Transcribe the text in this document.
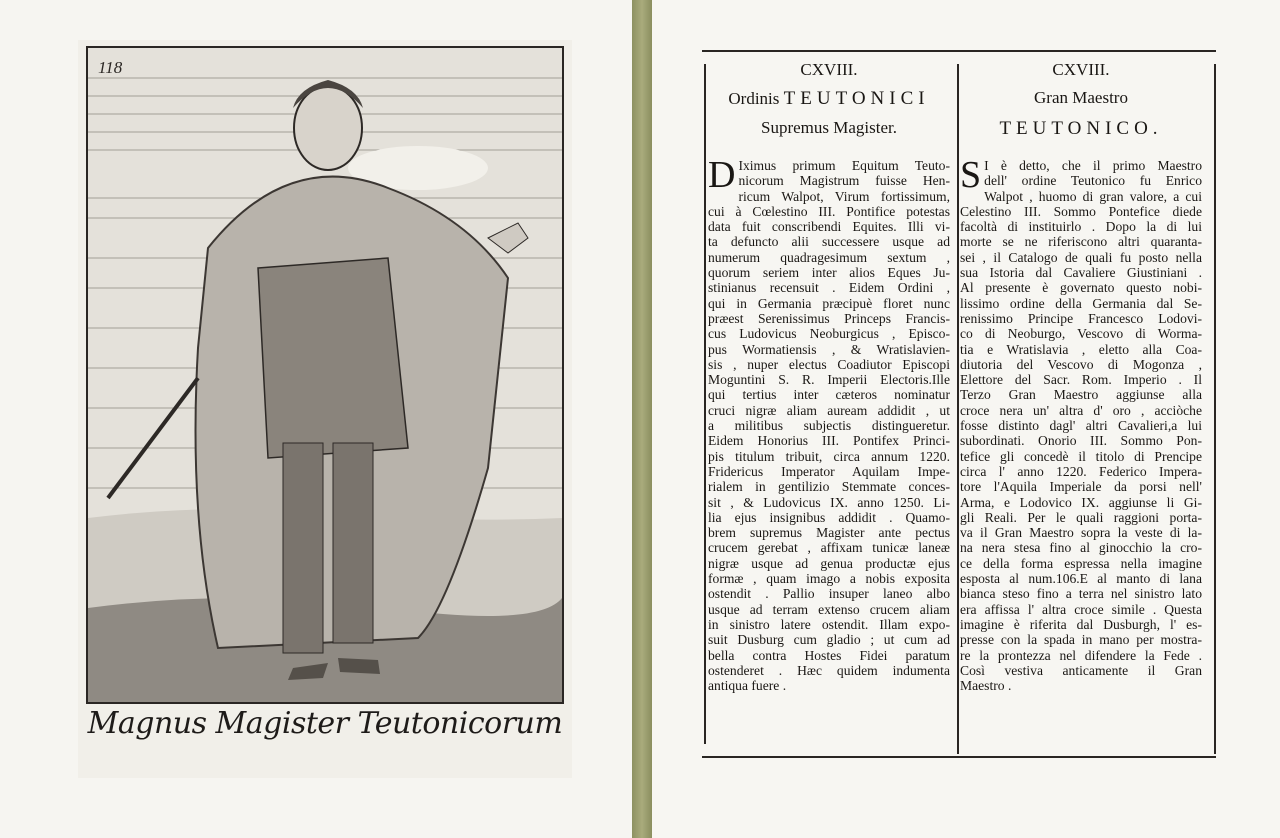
118
Magnus Magister Teutonicorum
CXVIII.
Ordinis TEUTONICI
Supremus Magister.
D Iximus primum Equitum Teuto-
nicorum Magistrum fuisse Hen-
ricum Walpot, Virum fortissimum,
cui à Cœlestino III. Pontifice potestas
data fuit conscribendi Equites. Illi vi-
ta defuncto alii successere usque ad
numerum quadragesimum sextum ,
quorum seriem inter alios Eques Ju-
stinianus recensuit . Eidem Ordini ,
qui in Germania præcipuè floret nunc
præest Serenissimus Princeps Francis-
cus Ludovicus Neoburgicus , Episco-
pus Wormatiensis , & Wratislavien-
sis , nuper electus Coadiutor Episcopi
Moguntini S. R. Imperii Electoris.Ille
qui tertius inter cæteros nominatur
cruci nigræ aliam auream addidit , ut
a militibus subjectis distingueretur.
Eidem Honorius III. Pontifex Princi-
pis titulum tribuit, circa annum 1220.
Fridericus Imperator Aquilam Impe-
rialem in gentilizio Stemmate conces-
sit , & Ludovicus IX. anno 1250. Li-
lia ejus insignibus addidit . Quamo-
brem supremus Magister ante pectus
crucem gerebat , affixam tunicæ laneæ
nigræ usque ad genua productæ ejus
formæ , quam imago a nobis exposita
ostendit . Pallio insuper laneo albo
usque ad terram extenso crucem aliam
in sinistro latere ostendit. Illam expo-
suit Dusburg cum gladio ; ut cum ad
bella contra Hostes Fidei paratum
ostenderet . Hæc quidem indumenta
antiqua fuere .
CXVIII.
Gran Maestro
TEUTONICO.
S I è detto, che il primo Maestro
dell' ordine Teutonico fu Enrico
Walpot , huomo di gran valore, a cui
Celestino III. Sommo Pontefice diede
facoltà di instituirlo . Dopo la di lui
morte se ne riferiscono altri quaranta-
sei , il Catalogo de quali fu posto nella
sua Istoria dal Cavaliere Giustiniani .
Al presente è governato questo nobi-
lissimo ordine della Germania dal Se-
renissimo Principe Francesco Lodovi-
co di Neoburgo, Vescovo di Worma-
tia e Wratislavia , eletto alla Coa-
diutoria del Vescovo di Mogonza ,
Elettore del Sacr. Rom. Imperio . Il
Terzo Gran Maestro aggiunse alla
croce nera un' altra d' oro , acciòche
fosse distinto dagl' altri Cavalieri,a lui
subordinati. Onorio III. Sommo Pon-
tefice gli concedè il titolo di Prencipe
circa l' anno 1220. Federico Impera-
tore l'Aquila Imperiale da porsi nell'
Arma, e Lodovico IX. aggiunse li Gi-
gli Reali. Per le quali raggioni porta-
va il Gran Maestro sopra la veste di la-
na nera stesa fino al ginocchio la cro-
ce della forma espressa nella imagine
esposta al num.106.E al manto di lana
bianca steso fino a terra nel sinistro lato
era affissa l' altra croce simile . Questa
imagine è riferita dal Dusburgh, l' es-
presse con la spada in mano per mostra-
re la prontezza nel difendere la Fede .
Così vestiva anticamente il Gran
Maestro .
